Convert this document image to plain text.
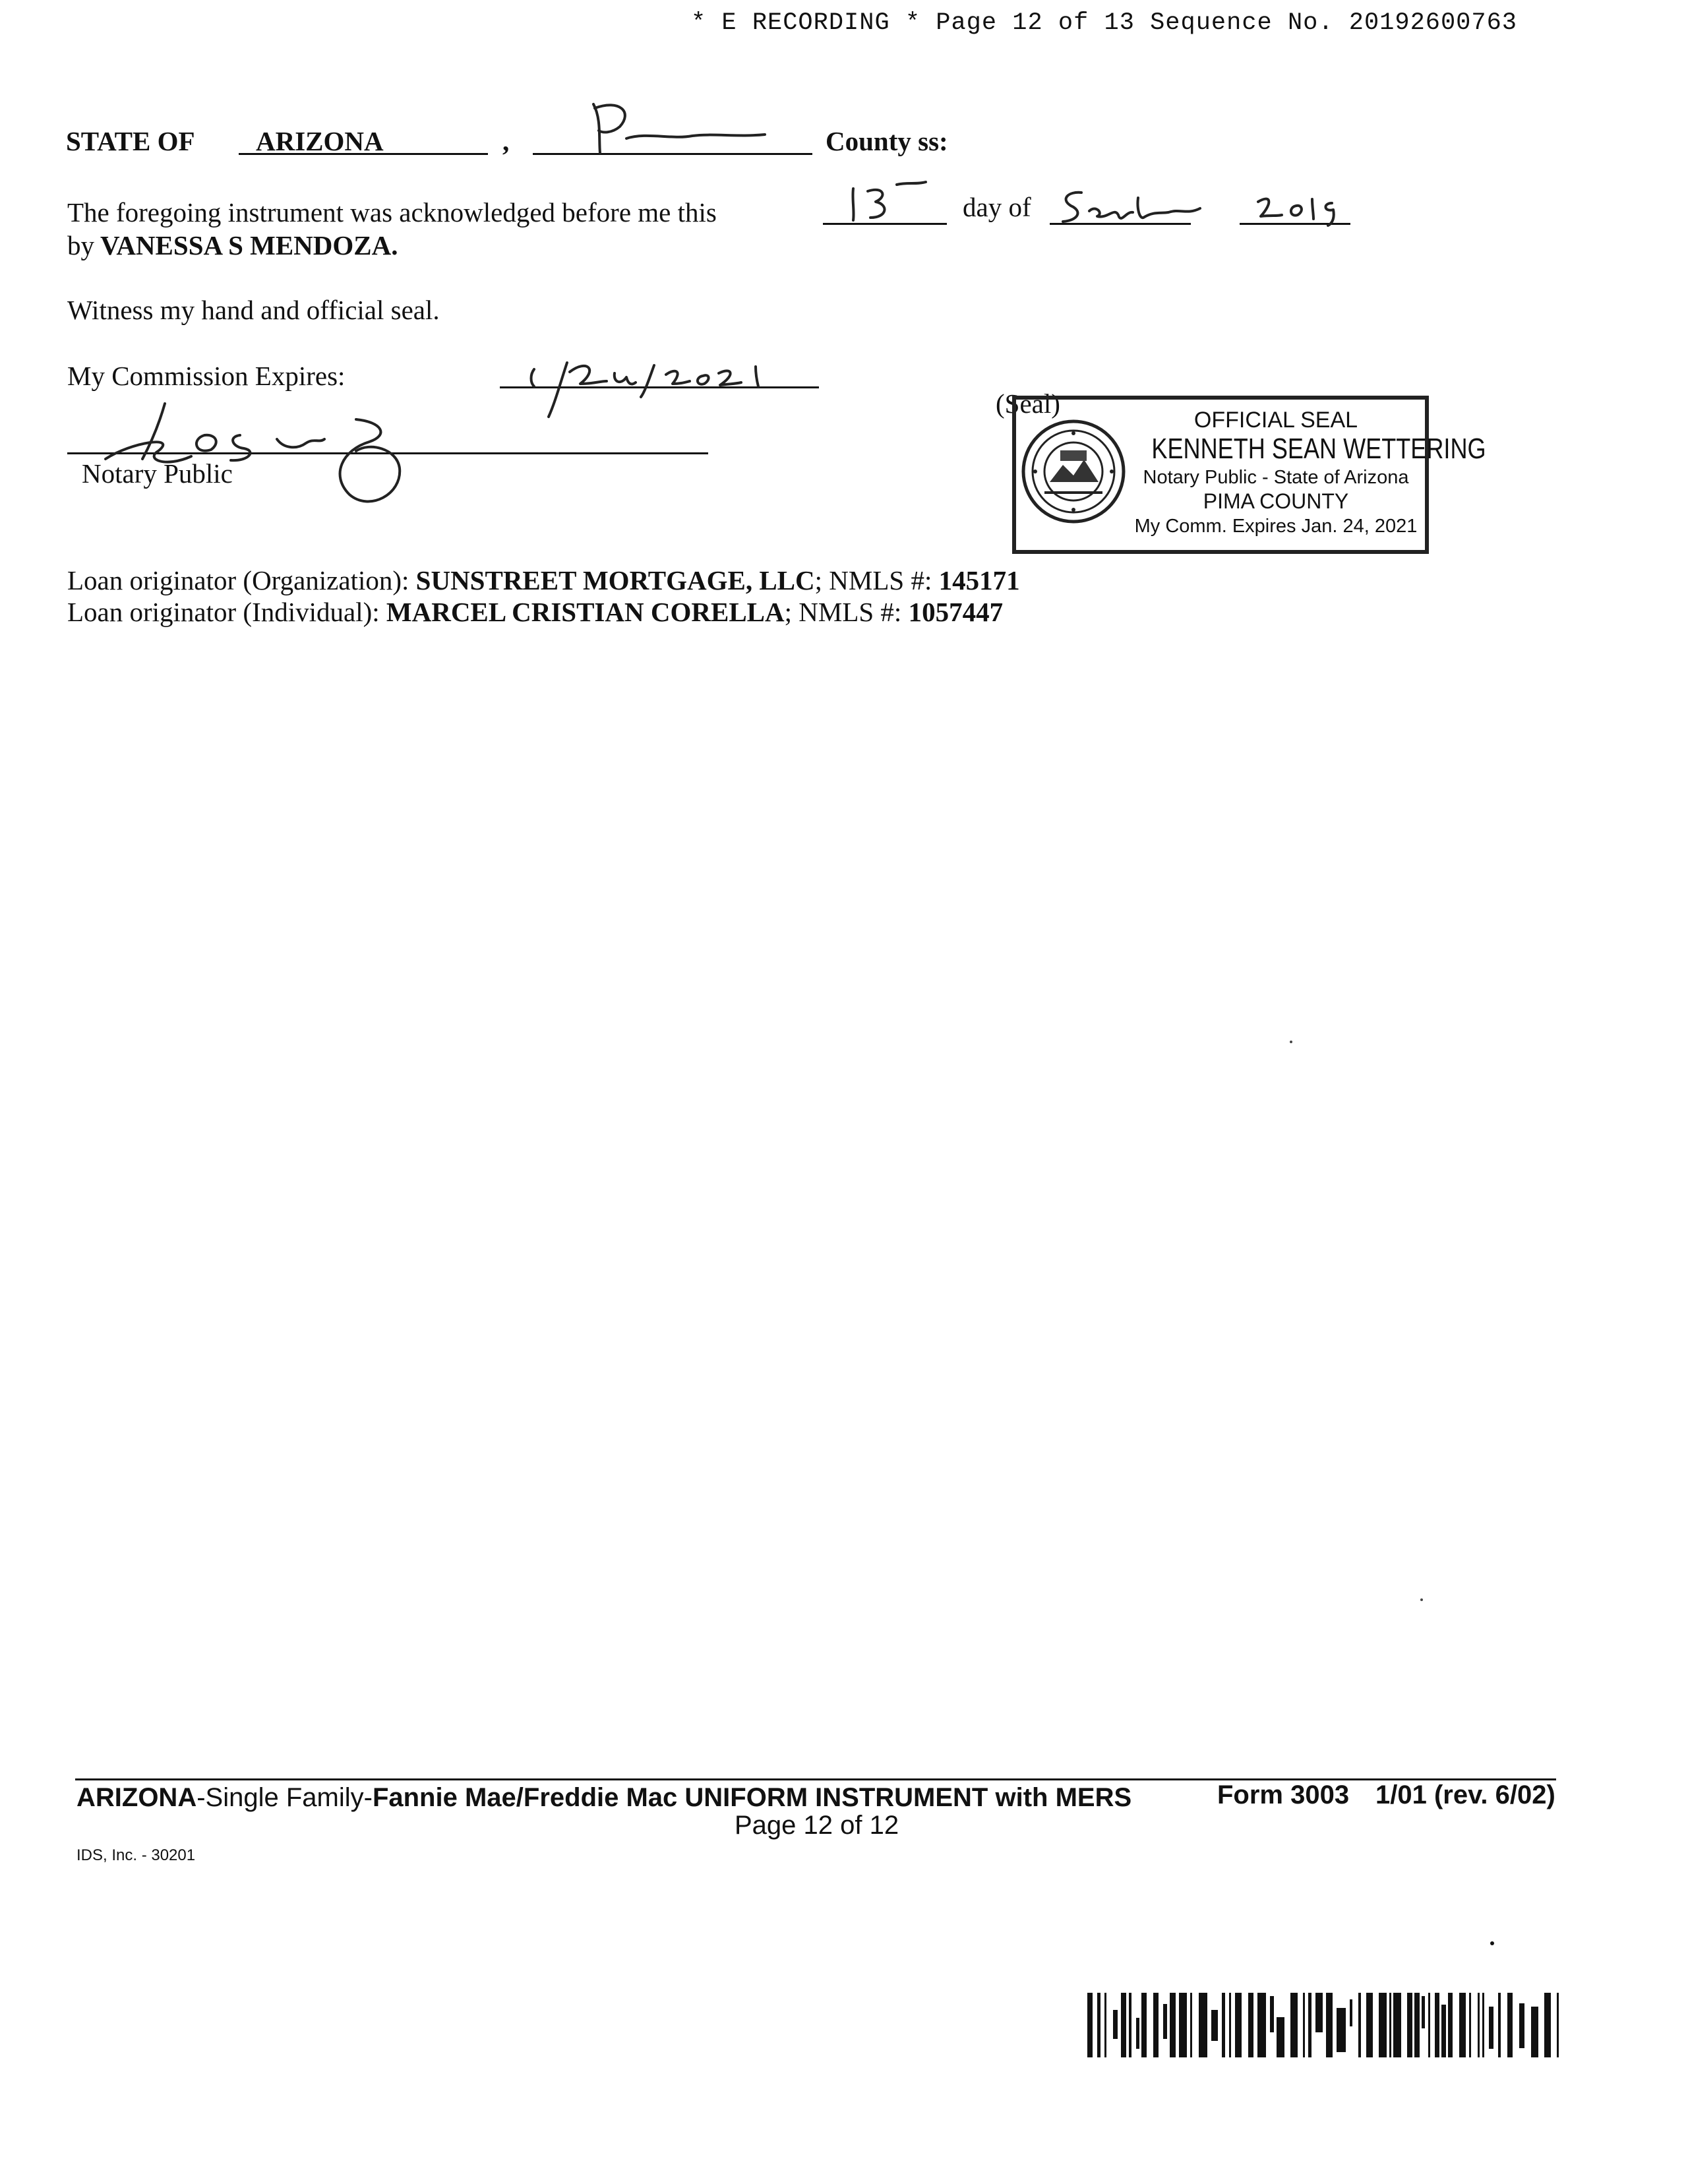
* E RECORDING * Page 12 of 13 Sequence No. 20192600763
STATE OF ARIZONA	,	County ss:
The foregoing instrument was acknowledged before me this	day of
by VANESSA S MENDOZA.
Witness my hand and official seal.
My Commission Expires:
Notary Public
(Seal)
OFFICIAL SEAL
KENNETH SEAN WETTERING
Notary Public - State of Arizona
PIMA COUNTY
My Comm. Expires Jan. 24, 2021
Loan originator (Organization): SUNSTREET MORTGAGE, LLC; NMLS #: 145171
Loan originator (Individual): MARCEL CRISTIAN CORELLA; NMLS #: 1057447
ARIZONA-Single Family-Fannie Mae/Freddie Mac UNIFORM INSTRUMENT with MERS	Form 3003 1/01 (rev. 6/02)
Page 12 of 12
IDS, Inc. - 30201
